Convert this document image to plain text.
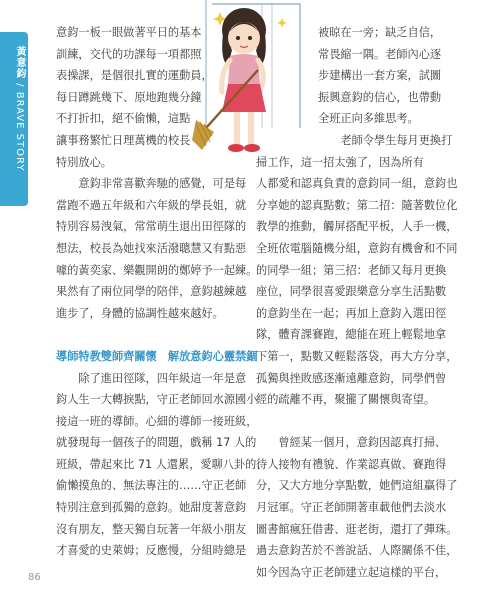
黃意鈞 / BRAVE STORY
意鈞一板一眼做著平日的基本
訓練，交代的功課每一項都照
表操課，是個很扎實的運動員，
每日蹲跳幾下、原地跑幾分鐘
不打折扣，絕不偷懶，這點
讓事務繁忙日理萬機的校長
特別放心。
　　意鈞非常喜歡奔馳的感覺，可是每
當跑不過五年級和六年級的學長姐，就
特別容易洩氣，常常萌生退出田徑隊的
想法，校長為她找來活潑聰慧又有點惡
噱的黃奕家、樂觀開朗的鄭婷予一起練。
果然有了兩位同學的陪伴，意鈞越練越
進步了，身體的協調性越來越好。
導師特教雙師齊關懷　解放意鈞心靈禁錮
　　除了進田徑隊，四年級這一年是意
鈞人生一大轉捩點，守正老師回水源國小
接這一班的導師。心細的導師一接班級，
就發現每一個孩子的問題，戲稱 17 人的
班級，帶起來比 71 人還累，愛聊八卦的、
偷懶摸魚的、無法專注的……守正老師
特別注意到孤獨的意鈞。她甜度著意鈞
沒有朋友，整天獨自玩著一年級小朋友
才喜愛的史萊姆；反應慢，分組時總是
被晾在一旁；缺乏自信，
常畏縮一隅。老師內心逐
步建構出一套方案，試圖
振興意鈞的信心，也帶動
全班正向多維思考。
　　老師令學生每月更換打
掃工作，這一招太強了，因為所有
人都愛和認真負責的意鈞同一組，意鈞也
分享她的認真點數；第二招：隨著數位化
教學的推動，觸屏搭配平板，人手一機，
全班依電腦隨機分組，意鈞有機會和不同
的同學一組；第三招：老師又每月更換
座位，同學很喜愛跟樂意分享生活點數
的意鈞坐在一起；再加上意鈞入選田徑
隊，體育課賽跑，總能在班上輕鬆地拿
下第一，點數又輕鬆落袋，再大方分享，
孤獨與挫敗感逐漸遠離意鈞，同學們曾
經的疏離不再，聚攏了關懷與寄望。
　　曾經某一個月，意鈞因認真打掃、
待人接物有禮貌、作業認真做、賽跑得
分，又大方地分享點數，她們這組贏得了
月冠軍。守正老師開著車載他們去淡水
圖書館瘋狂借書、逛老街，還打了彈珠。
過去意鈞苦於不善說話、人際關係不佳，
如今因為守正老師建立起這樣的平台，
86
